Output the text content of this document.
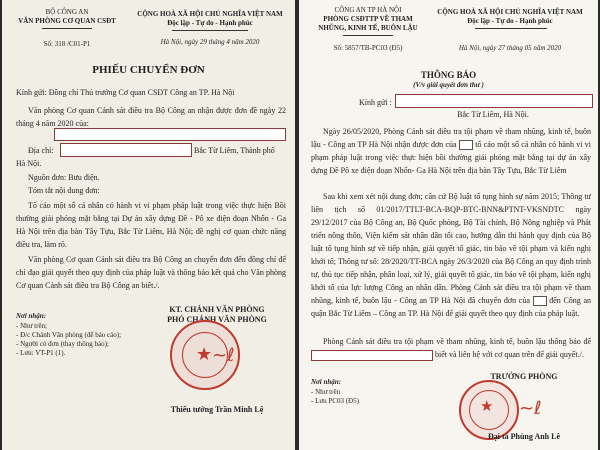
BỘ CÔNG AN
VĂN PHÒNG CƠ QUAN CSĐT
Số: 318 /C01-P1
CỘNG HOÀ XÃ HỘI CHỦ NGHĨA VIỆT NAM
Độc lập - Tự do - Hạnh phúc
Hà Nội, ngày 29 tháng 4 năm 2020
PHIẾU CHUYỂN ĐƠN
Kính gửi: Đồng chí Thủ trưởng Cơ quan CSĐT Công an TP. Hà Nội
Văn phòng Cơ quan Cảnh sát điều tra Bộ Công an nhận được đơn đề ngày 22 tháng 4 năm 2020 của:
Địa chỉ:	Bắc Từ Liêm, Thành phố
Hà Nội.
Nguồn đơn: Bưu điện.
Tóm tắt nội dung đơn:
Tố cáo một số cá nhân có hành vi vi phạm pháp luật trong việc thực hiện Bồi thường giải phóng mặt bằng tại Dự án xây dựng Đề - Pô xe điện đoạn Nhổn - Ga Hà Nội trên địa bàn Tây Tựu, Bắc Từ Liêm, Hà Nội; đề nghị cơ quan chức năng điều tra, làm rõ.
Văn phòng Cơ quan Cảnh sát điều tra Bộ Công an chuyển đơn đến đồng chí để chỉ đạo giải quyết theo quy định của pháp luật và thông báo kết quả cho Văn phòng Cơ quan Cảnh sát điều tra Bộ Công an biết./.
Nơi nhận:
- Như trên;
- Đ/c Chánh Văn phòng (để báo cáo);
- Người có đơn (thay thông báo);
- Lưu: VT-P1 (1).
KT. CHÁNH VĂN PHÒNG
PHÓ CHÁNH VĂN PHÒNG
★ ~ℓ
Thiếu tướng Trần Minh Lệ
CÔNG AN TP HÀ NỘI
PHÒNG CSĐTTP VỀ THAM
NHŨNG, KINH TẾ, BUÔN LẬU
Số: 5857/TB-PC03 (Đ5)
CỘNG HOÀ XÃ HỘI CHỦ NGHĨA VIỆT NAM
Độc lập - Tự do - Hạnh phúc
Hà Nội, ngày 27 tháng 05 năm 2020
THÔNG BÁO
(V/v giải quyết đơn thư )
Kính gửi :
Bắc Từ Liêm, Hà Nội.
Ngày 26/05/2020, Phòng Cảnh sát điều tra tội phạm về tham nhũng, kinh tế, buôn lậu - Công an TP Hà Nội nhận được đơn của tố cáo một số cá nhân có hành vi vi phạm pháp luật trong việc thực hiện bồi thường giải phóng mặt bằng tại dự án xây dựng Đề Pô xe điện đoạn Nhổn- Ga Hà Nội trên địa bàn Tây Tựu, Bắc Từ Liêm
Sau khi xem xét nội dung đơn; căn cứ Bộ luật tố tụng hình sự năm 2015; Thông tư liên tịch số 01/2017/TTLT-BCA-BQP-BTC-BNN&PTNT-VKSNDTC ngày 29/12/2017 của Bộ Công an, Bộ Quốc phòng, Bộ Tài chính, Bộ Nông nghiệp và Phát triển nông thôn, Viện kiểm sát nhân dân tối cao, hướng dẫn thi hành quy định của Bộ luật tố tụng hình sự về tiếp nhận, giải quyết tố giác, tin báo về tội phạm và kiến nghị khởi tố; Thông tư số: 28/2020/TT-BCA ngày 26/3/2020 của Bộ Công an quy định trình tự, thủ tục tiếp nhận, phân loại, xử lý, giải quyết tố giác, tin báo về tội phạm, kiến nghị khởi tố của lực lượng Công an nhân dân. Phòng Cảnh sát điều tra tội phạm về tham nhũng, kinh tế, buôn lậu - Công an TP Hà Nội đã chuyển đơn của đến Công an quận Bắc Từ Liêm – Công an TP. Hà Nội để giải quyết theo quy định của pháp luật.
Phòng Cảnh sát điều tra tội phạm về tham nhũng, kinh tế, buôn lậu thông báo để  biết và liên hệ với cơ quan trên để giải quyết./.
Nơi nhận:
- Như trên
- Lưu PC03 (Đ5)
TRƯỞNG PHÒNG
★ ~ℓ
Đại tá Phùng Anh Lê
